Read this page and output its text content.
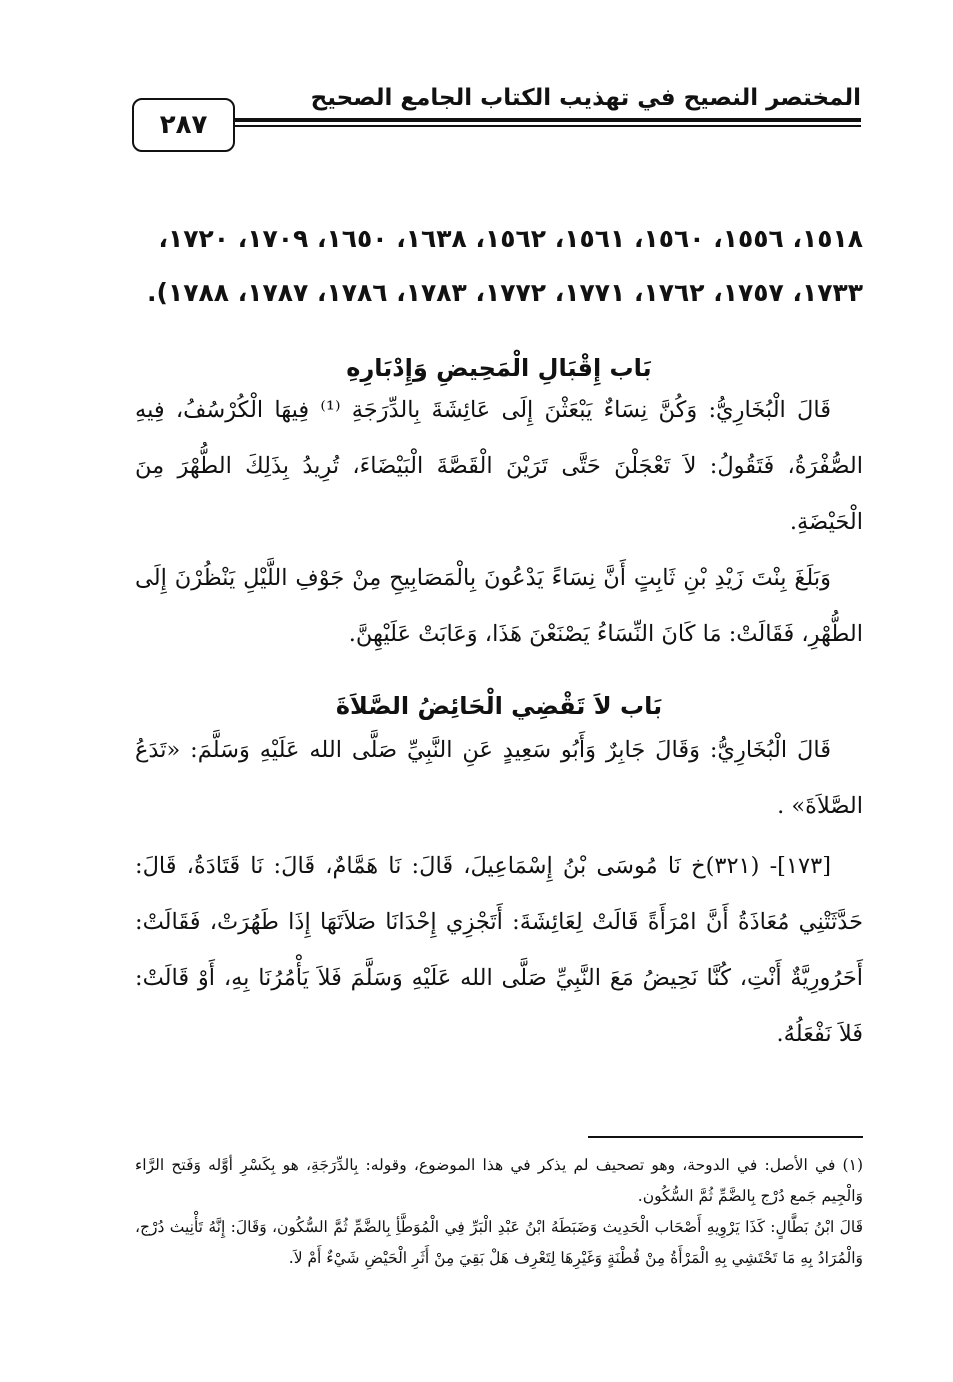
المختصر النصيح في تهذيب الكتاب الجامع الصحيح
٢٨٧
١٥١٨، ١٥٥٦، ١٥٦٠، ١٥٦١، ١٥٦٢، ١٦٣٨، ١٦٥٠، ١٧٠٩، ١٧٢٠،
١٧٣٣، ١٧٥٧، ١٧٦٢، ١٧٧١، ١٧٧٢، ١٧٨٣، ١٧٨٦، ١٧٨٧، ١٧٨٨).
بَاب إِقْبَالِ الْمَحِيضِ وَإِدْبَارِهِ

قَالَ الْبُخَارِيُّ: وَكُنَّ نِسَاءٌ يَبْعَثْنَ إِلَى عَائِشَةَ بِالدِّرَجَةِ ⁽¹⁾ فِيهَا الْكُرْسُفُ، فِيهِ الصُّفْرَةُ، فَتَقُولُ: لاَ تَعْجَلْنَ حَتَّى تَرَيْنَ الْقَصَّةَ الْبَيْضَاءَ، تُرِيدُ بِذَلِكَ الطُّهْرَ مِنَ الْحَيْضَةِ.

وَبَلَغَ بِنْتَ زَيْدِ بْنِ ثَابِتٍ أَنَّ نِسَاءً يَدْعُونَ بِالْمَصَابِيحِ مِنْ جَوْفِ اللَّيْلِ يَنْظُرْنَ إِلَى الطُّهْرِ، فَقَالَتْ: مَا كَانَ النِّسَاءُ يَصْنَعْنَ هَذَا، وَعَابَتْ عَلَيْهِنَّ.

بَاب لاَ تَقْضِي الْحَائِضُ الصَّلاَةَ

قَالَ الْبُخَارِيُّ: وَقَالَ جَابِرٌ وَأَبُو سَعِيدٍ عَنِ النَّبِيِّ صَلَّى الله عَلَيْهِ وَسَلَّمَ: «تَدَعُ الصَّلاَةَ» .

[١٧٣]- (٣٢١)خ نَا مُوسَى بْنُ إِسْمَاعِيلَ، قَالَ: نَا هَمَّامٌ، قَالَ: نَا قَتَادَةُ، قَالَ: حَدَّثَتْنِي مُعَاذَةُ أَنَّ امْرَأَةً قَالَتْ لِعَائِشَةَ: أَتَجْزِي إِحْدَانَا صَلاَتَهَا إِذَا طَهُرَتْ، فَقَالَتْ: أَحَرُورِيَّةٌ أَنْتِ، كُنَّا نَحِيضُ مَعَ النَّبِيِّ صَلَّى الله عَلَيْهِ وَسَلَّمَ فَلاَ يَأْمُرُنَا بِهِ، أَوْ قَالَتْ: فَلاَ نَفْعَلُهُ.

(١) في الأصل: في الدوحة، وهو تصحيف لم يذكر في هذا الموضوع، وقوله: بِالدِّرَجَةِ، هو بِكَسْرِ أوَّله وَفَتح الرَّاء وَالْجِيم جَمع دُرْج بِالضَّمِّ ثُمَّ السُّكُون.

قَالَ ابْنُ بَطَّالٍ: كَذَا يَرْوِيهِ أَصْحَاب الْحَدِيث وَضَبَطَهُ ابْنُ عَبْدِ الْبَرِّ فِي الْمُوَطَّأِ بِالضَّمِّ ثُمَّ السُّكُون، وَقَالَ: إِنَّهُ تَأْنِيث دُرْج، وَالْمُرَادُ بِهِ مَا تَحْتَشِي بِهِ الْمَرْأَةُ مِنْ قُطْنَةٍ وَغَيْرِهَا لِتَعْرِف هَلْ بَقِيَ مِنْ أَثَرِ الْحَيْضِ شَيْءٌ أَمْ لاَ.
